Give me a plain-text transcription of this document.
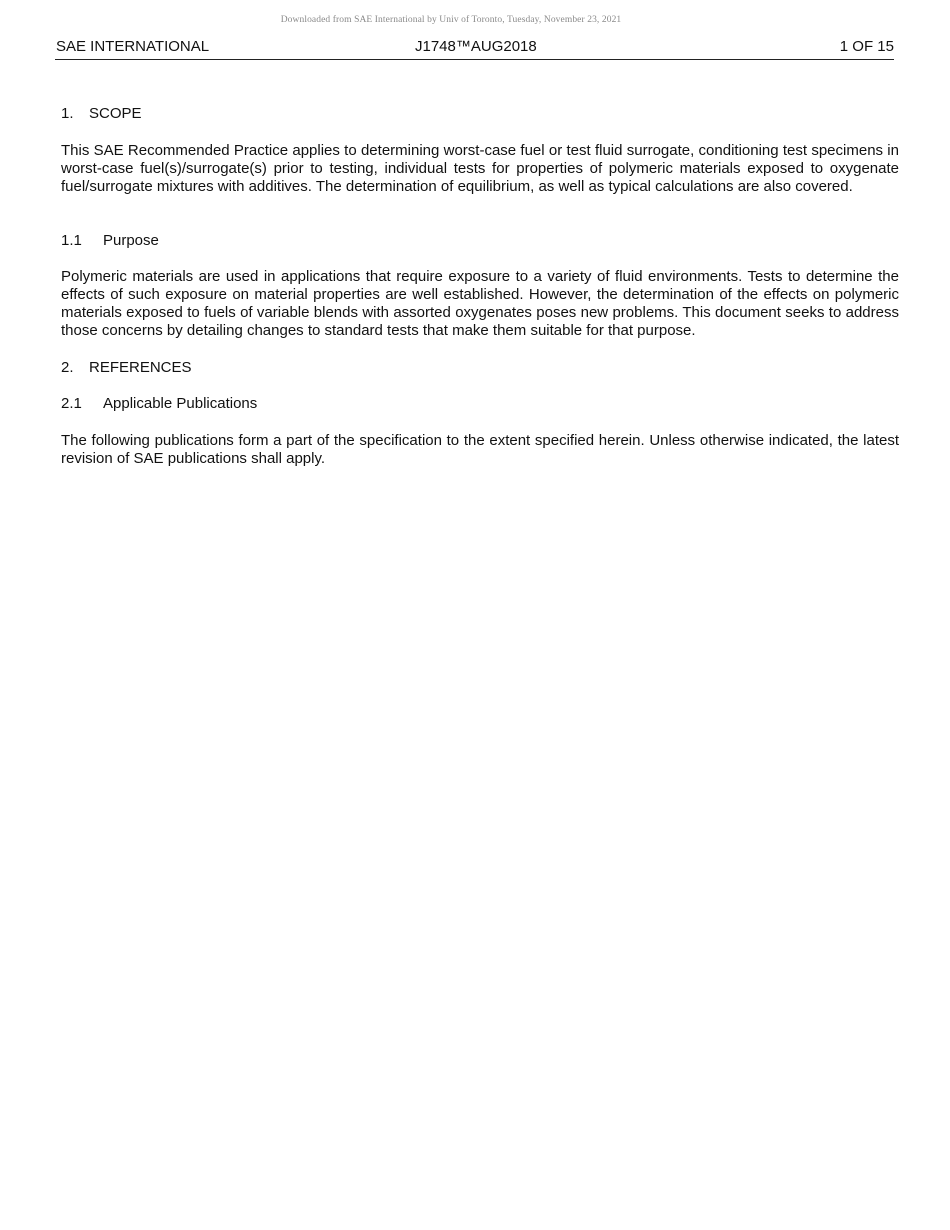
Downloaded from SAE International by Univ of Toronto, Tuesday, November 23, 2021
SAE INTERNATIONAL	J1748™AUG2018	1 OF 15
1. SCOPE

This SAE Recommended Practice applies to determining worst-case fuel or test fluid surrogate, conditioning test specimens in worst-case fuel(s)/surrogate(s) prior to testing, individual tests for properties of polymeric materials exposed to oxygenate fuel/surrogate mixtures with additives. The determination of equilibrium, as well as typical calculations are also covered.

1.1 Purpose

Polymeric materials are used in applications that require exposure to a variety of fluid environments. Tests to determine the effects of such exposure on material properties are well established. However, the determination of the effects on polymeric materials exposed to fuels of variable blends with assorted oxygenates poses new problems. This document seeks to address those concerns by detailing changes to standard tests that make them suitable for that purpose.

2. REFERENCES
2.1 Applicable Publications

The following publications form a part of the specification to the extent specified herein. Unless otherwise indicated, the latest revision of SAE publications shall apply.
